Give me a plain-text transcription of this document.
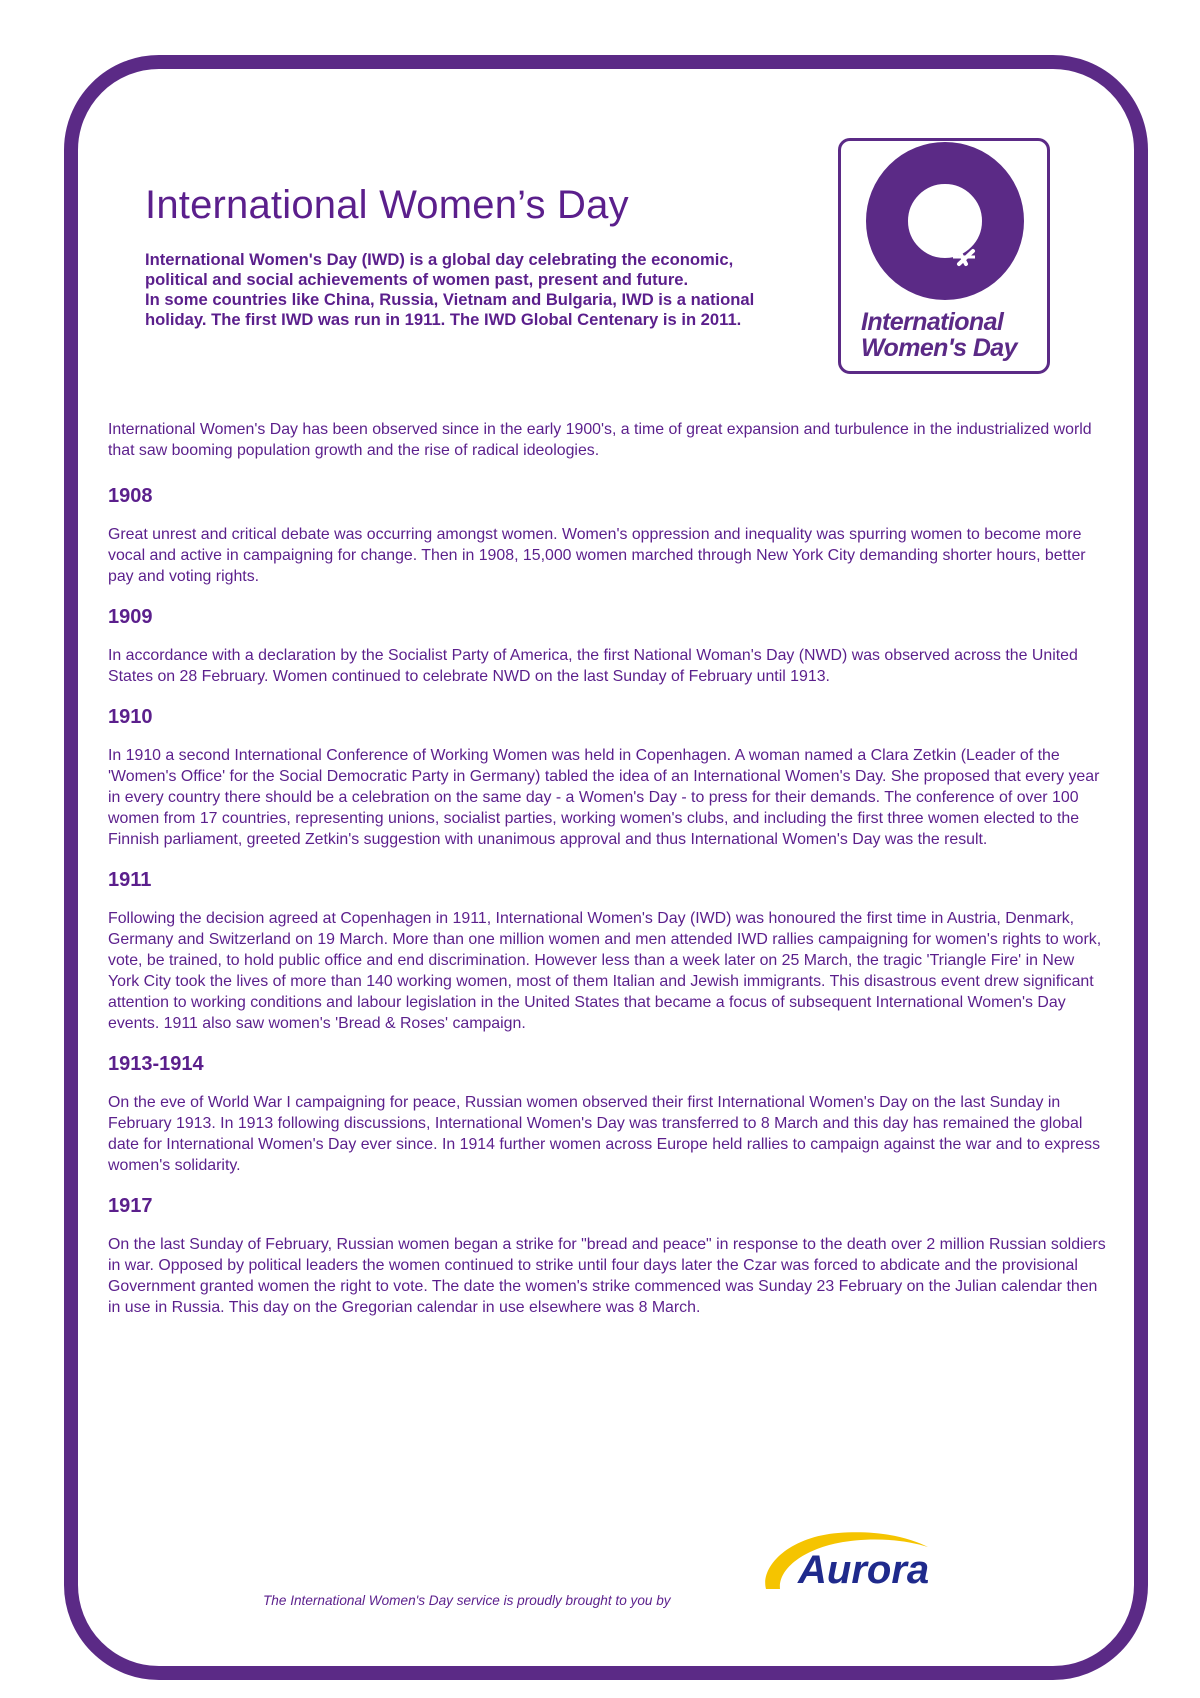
International Women’s Day
International Women's Day (IWD) is a global day celebrating the economic,
political and social achievements of women past, present and future.
In some countries like China, Russia, Vietnam and Bulgaria, IWD is a national
holiday. The first IWD was run in 1911. The IWD Global Centenary is in 2011.	International
Women's Day

International Women's Day has been observed since in the early 1900's, a time of great expansion and turbulence in the industrialized world that saw booming population growth and the rise of radical ideologies.

1908

Great unrest and critical debate was occurring amongst women. Women's oppression and inequality was spurring women to become more vocal and active in campaigning for change. Then in 1908, 15,000 women marched through New York City demanding shorter hours, better pay and voting rights.

1909

In accordance with a declaration by the Socialist Party of America, the first National Woman's Day (NWD) was observed across the United States on 28 February. Women continued to celebrate NWD on the last Sunday of February until 1913.

1910

In 1910 a second International Conference of Working Women was held in Copenhagen. A woman named a Clara Zetkin (Leader of the 'Women's Office' for the Social Democratic Party in Germany) tabled the idea of an International Women's Day. She proposed that every year in every country there should be a celebration on the same day - a Women's Day - to press for their demands. The conference of over 100 women from 17 countries, representing unions, socialist parties, working women's clubs, and including the first three women elected to the Finnish parliament, greeted Zetkin's suggestion with unanimous approval and thus International Women's Day was the result.

1911

Following the decision agreed at Copenhagen in 1911, International Women's Day (IWD) was honoured the first time in Austria, Denmark, Germany and Switzerland on 19 March. More than one million women and men attended IWD rallies campaigning for women's rights to work, vote, be trained, to hold public office and end discrimination. However less than a week later on 25 March, the tragic 'Triangle Fire' in New York City took the lives of more than 140 working women, most of them Italian and Jewish immigrants. This disastrous event drew significant attention to working conditions and labour legislation in the United States that became a focus of subsequent International Women's Day events. 1911 also saw women's 'Bread & Roses' campaign.

1913-1914

On the eve of World War I campaigning for peace, Russian women observed their first International Women's Day on the last Sunday in February 1913. In 1913 following discussions, International Women's Day was transferred to 8 March and this day has remained the global date for International Women's Day ever since. In 1914 further women across Europe held rallies to campaign against the war and to express women's solidarity.

1917

On the last Sunday of February, Russian women began a strike for "bread and peace" in response to the death over 2 million Russian soldiers in war. Opposed by political leaders the women continued to strike until four days later the Czar was forced to abdicate and the provisional Government granted women the right to vote. The date the women's strike commenced was Sunday 23 February on the Julian calendar then in use in Russia. This day on the Gregorian calendar in use elsewhere was 8 March.

The International Women's Day service is proudly brought to you by

Aurora
